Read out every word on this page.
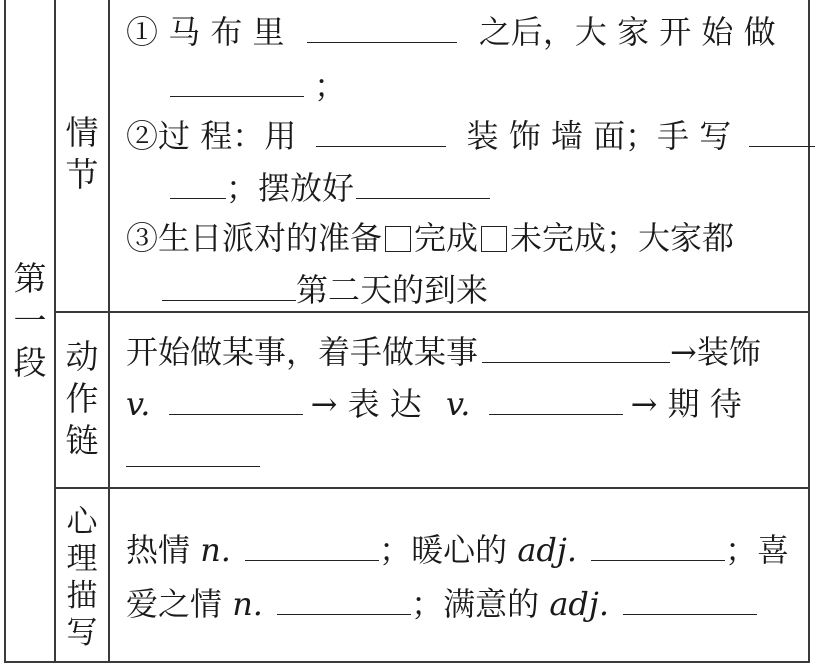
第
一
段
情
节
① 马 布 里	之后，大 家 开 始 做
；
②过 程：用	装 饰 墙 面；手 写
；摆放好
③生日派对的准备 完成 未完成；大家都
第二天的到来
动
作
链
开始做某事，着手做某事	→装饰
v.	→ 表 达 v.	→ 期 待
心
理
描
写
热情 n.	；暖心的 adj.	；喜
爱之情 n.	；满意的 adj.
